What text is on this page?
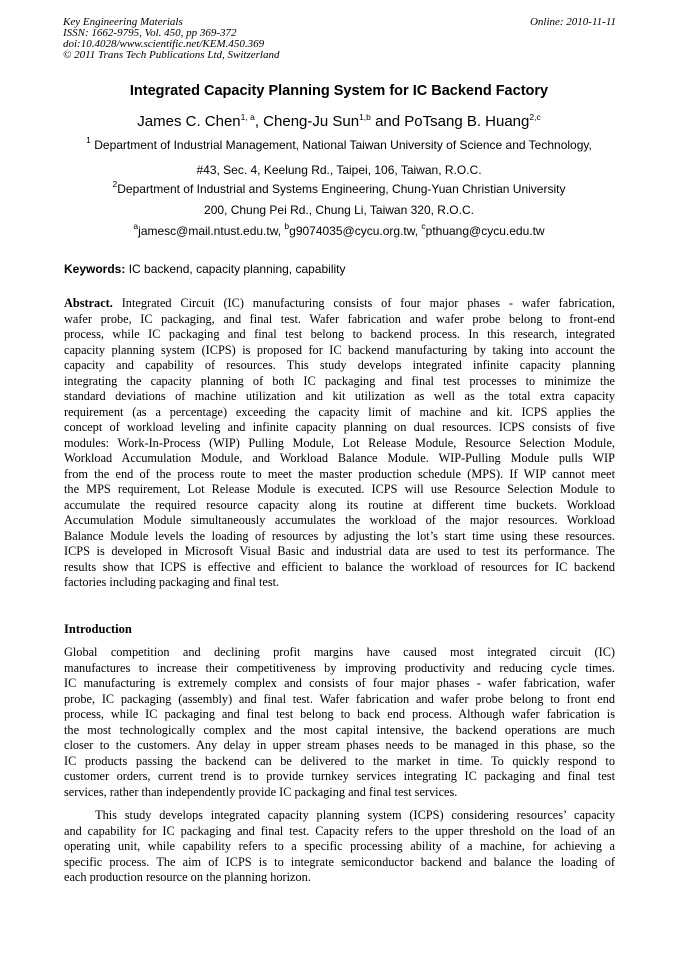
Key Engineering Materials
ISSN: 1662-9795, Vol. 450, pp 369-372
doi:10.4028/www.scientific.net/KEM.450.369
© 2011 Trans Tech Publications Ltd, Switzerland
Online: 2010-11-11
Integrated Capacity Planning System for IC Backend Factory
James C. Chen$^{1, a}$, Cheng-Ju Sun$^{1,b}$ and PoTsang B. Huang$^{2,c}$
$^1$ Department of Industrial Management, National Taiwan University of Science and Technology,
#43, Sec. 4, Keelung Rd., Taipei, 106, Taiwan, R.O.C.
$^2$Department of Industrial and Systems Engineering, Chung-Yuan Christian University
200, Chung Pei Rd., Chung Li, Taiwan 320, R.O.C.
$^a$jamesc@mail.ntust.edu.tw, $^b$g9074035@cycu.org.tw, $^c$pthuang@cycu.edu.tw
Keywords: IC backend, capacity planning, capability
Abstract. Integrated Circuit (IC) manufacturing consists of four major phases - wafer fabrication,
wafer probe, IC packaging, and final test. Wafer fabrication and wafer probe belong to front-end
process, while IC packaging and final test belong to backend process. In this research, integrated
capacity planning system (ICPS) is proposed for IC backend manufacturing by taking into account the
capacity and capability of resources. This study develops integrated infinite capacity planning
integrating the capacity planning of both IC packaging and final test processes to minimize the
standard deviations of machine utilization and kit utilization as well as the total extra capacity
requirement (as a percentage) exceeding the capacity limit of machine and kit. ICPS applies the
concept of workload leveling and infinite capacity planning on dual resources. ICPS consists of five
modules: Work-In-Process (WIP) Pulling Module, Lot Release Module, Resource Selection Module,
Workload Accumulation Module, and Workload Balance Module. WIP-Pulling Module pulls WIP
from the end of the process route to meet the master production schedule (MPS). If WIP cannot meet
the MPS requirement, Lot Release Module is executed. ICPS will use Resource Selection Module to
accumulate the required resource capacity along its routine at different time buckets. Workload
Accumulation Module simultaneously accumulates the workload of the major resources. Workload
Balance Module levels the loading of resources by adjusting the lot’s start time using these resources.
ICPS is developed in Microsoft Visual Basic and industrial data are used to test its performance. The
results show that ICPS is effective and efficient to balance the workload of resources for IC backend
factories including packaging and final test.
Introduction
Global competition and declining profit margins have caused most integrated circuit (IC)
manufactures to increase their competitiveness by improving productivity and reducing cycle times.
IC manufacturing is extremely complex and consists of four major phases - wafer fabrication, wafer
probe, IC packaging (assembly) and final test. Wafer fabrication and wafer probe belong to front end
process, while IC packaging and final test belong to back end process. Although wafer fabrication is
the most technologically complex and the most capital intensive, the backend operations are much
closer to the customers. Any delay in upper stream phases needs to be managed in this phase, so the
IC products passing the backend can be delivered to the market in time. To quickly respond to
customer orders, current trend is to provide turnkey services integrating IC packaging and final test
services, rather than independently provide IC packaging and final test services.
This study develops integrated capacity planning system (ICPS) considering resources’ capacity
and capability for IC packaging and final test. Capacity refers to the upper threshold on the load of an
operating unit, while capability refers to a specific processing ability of a machine, for achieving a
specific process. The aim of ICPS is to integrate semiconductor backend and balance the loading of
each production resource on the planning horizon.
